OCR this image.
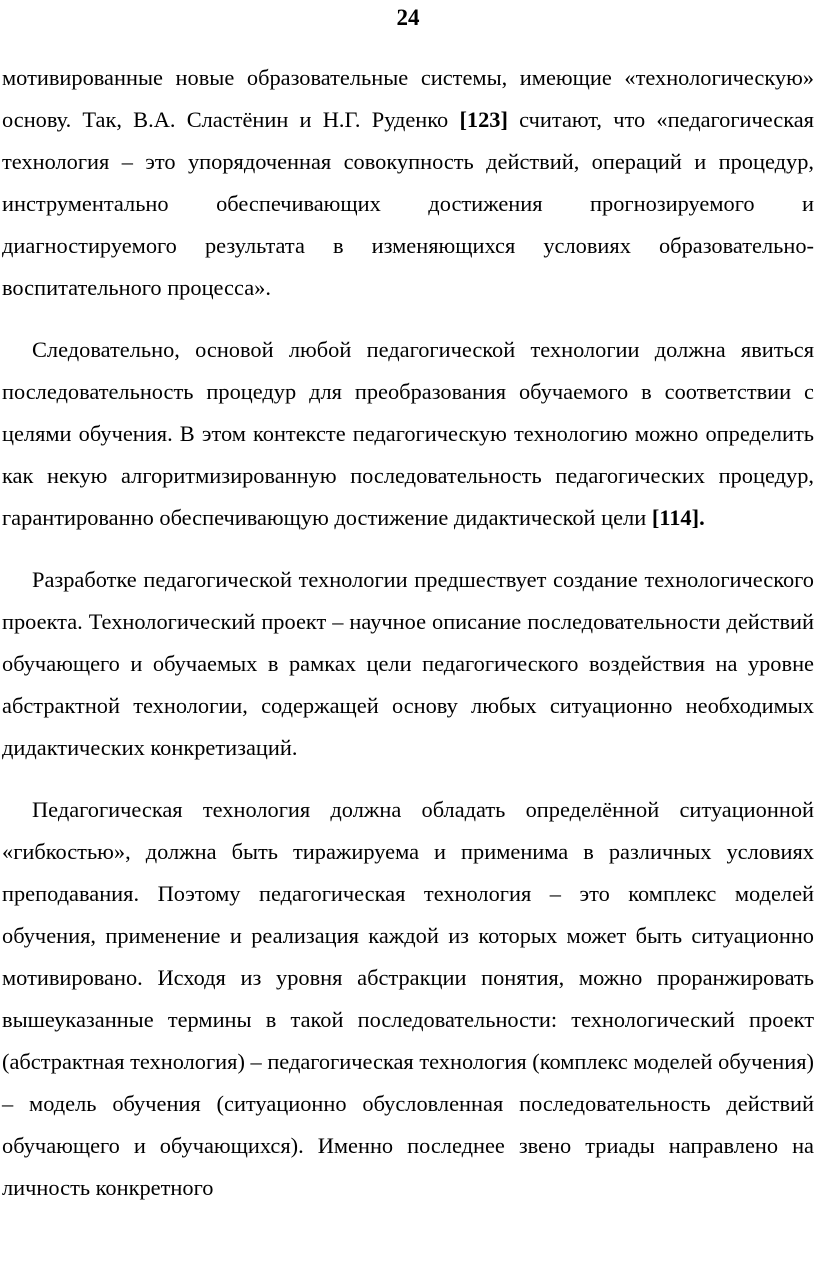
24

мотивированные новые образовательные системы, имеющие «технологическую» основу. Так, В.А. Сластёнин и Н.Г. Руденко [123] считают, что «педагогическая технология – это упорядоченная совокупность действий, операций и процедур, инструментально обеспечивающих достижения прогнозируемого и диагностируемого результата в изменяющихся условиях образовательно-воспитательного процесса».

Следовательно, основой любой педагогической технологии должна явиться последовательность процедур для преобразования обучаемого в соответствии с целями обучения. В этом контексте педагогическую технологию можно определить как некую алгоритмизированную последовательность педагогических процедур, гарантированно обеспечивающую достижение дидактической цели [114].

Разработке педагогической технологии предшествует создание технологического проекта. Технологический проект – научное описание последовательности действий обучающего и обучаемых в рамках цели педагогического воздействия на уровне абстрактной технологии, содержащей основу любых ситуационно необходимых дидактических конкретизаций.

Педагогическая технология должна обладать определённой ситуационной «гибкостью», должна быть тиражируема и применима в различных условиях преподавания. Поэтому педагогическая технология – это комплекс моделей обучения, применение и реализация каждой из которых может быть ситуационно мотивировано. Исходя из уровня абстракции понятия, можно проранжировать вышеуказанные термины в такой последовательности: технологический проект (абстрактная технология) – педагогическая технология (комплекс моделей обучения) – модель обучения (ситуационно обусловленная последовательность действий обучающего и обучающихся). Именно последнее звено триады направлено на личность конкретного
